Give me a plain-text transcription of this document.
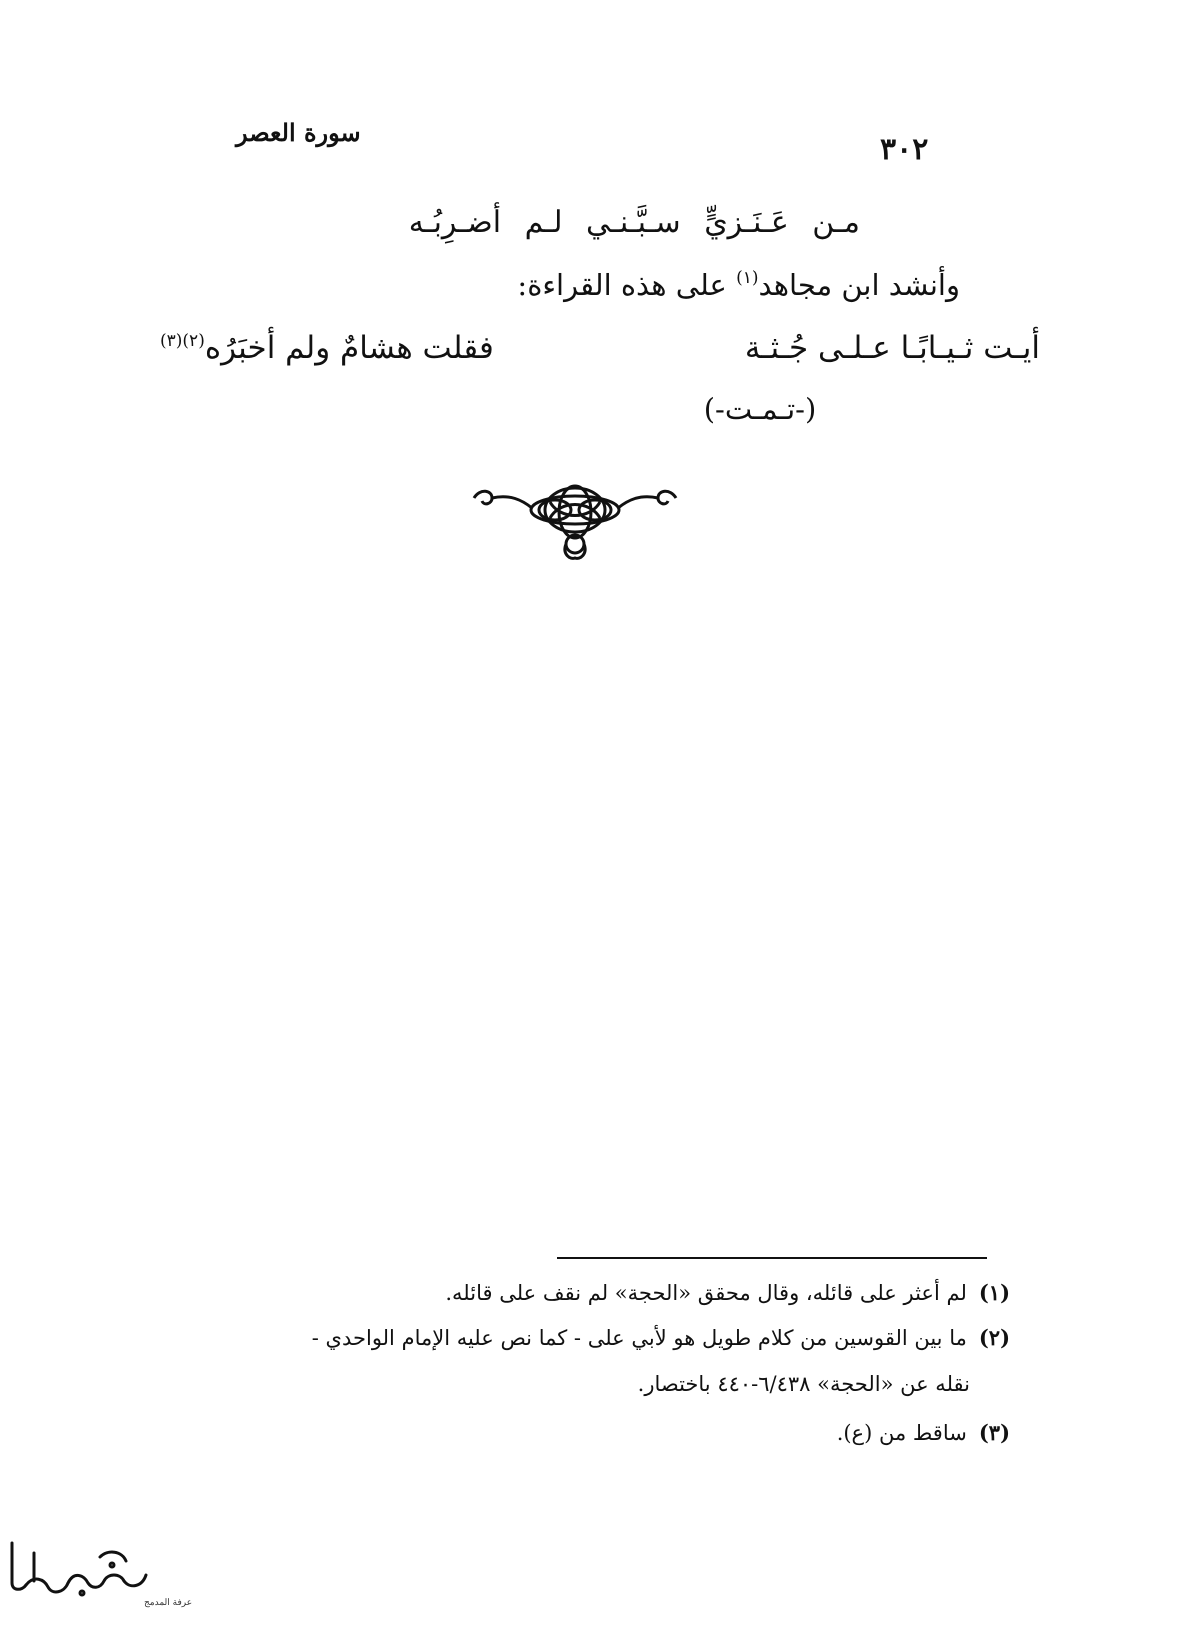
سورة العصر	٣٠٢
مـن عَـنَـزيٍّ سـبَّـنـي لـم أضـرِبُـه
وأنشد ابن مجاهد$^{(١)}$ على هذه القراءة:
أيـت ثـيـابًـا عـلـى جُـثـة
فقلت هشامٌ ولم أخبَرُه$^{(٢)(٣)}$
(-تـمـت-)
(١)لم أعثر على قائله، وقال محقق «الحجة» لم نقف على قائله.
(٢)ما بين القوسين من كلام طويل هو لأبي على - كما نص عليه الإمام الواحدي -
نقله عن «الحجة» ٦/٤٣٨-٤٤٠ باختصار.
(٣)ساقط من (ع).
عرفة المدمج
